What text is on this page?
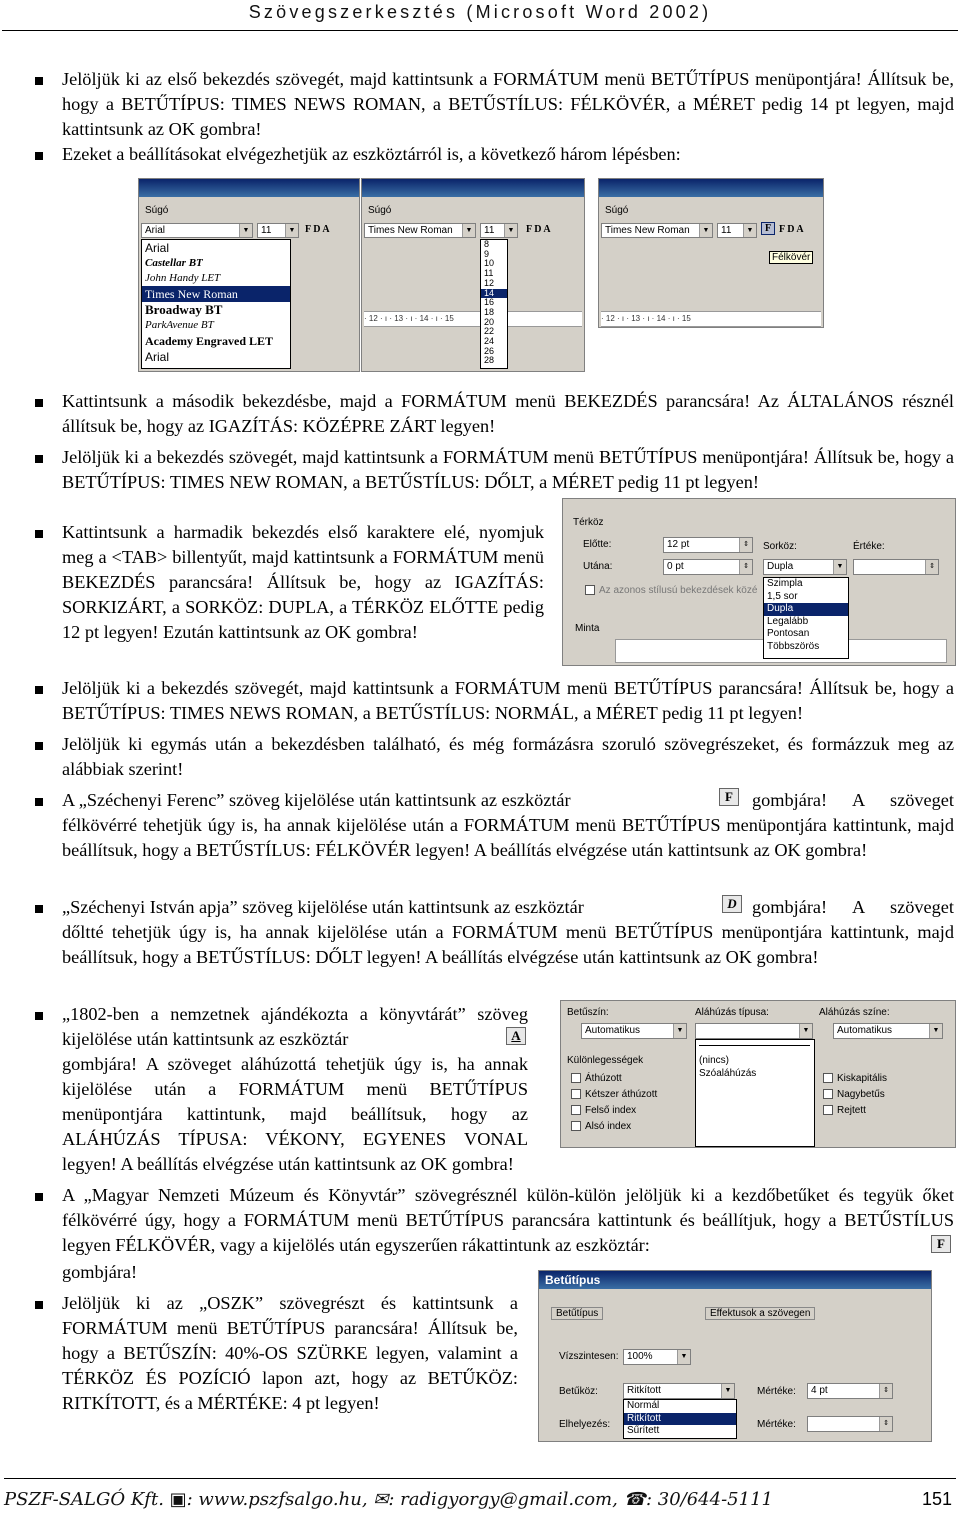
Szövegszerkesztés (Microsoft Word 2002)
Jelöljük ki az első bekezdés szövegét, majd kattintsunk a FORMÁTUM menü BETŰTÍPUS menüpontjára! Állítsuk be, hogy a BETŰTÍPUS: TIMES NEWS ROMAN, a BETŰSTÍLUS: FÉLKÖVÉR, a MÉRET pedig 14 pt legyen, majd kattintsunk az OK gombra!
Ezeket a beállításokat elvégezhetjük az eszköztárról is, a következő három lépésben:
Súgó
Arial	▼	11	▼ F D A
Arial
Castellar BT
John Handy LET
Times New Roman
Broadway BT
ParkAvenue BT
Academy Engraved LET
Arial
Súgó
Times New Roman	▼	11	▼ F D A
· 12 · ı · 13 · ı · 14 · ı · 15
8
9
10
11
12
14
16
18
20
22
24
26
28
Súgó
Times New Roman	▼	11	▼	F F D A
Félkövér
· 12 · ı · 13 · ı · 14 · ı · 15
Kattintsunk a második bekezdésbe, majd a FORMÁTUM menü BEKEZDÉS parancsára! Az ÁLTALÁNOS résznél állítsuk be, hogy az IGAZÍTÁS: KÖZÉPRE ZÁRT legyen!
Jelöljük ki a bekezdés szövegét, majd kattintsunk a FORMÁTUM menü BETŰTÍPUS menüpontjára! Állítsuk be, hogy a BETŰTÍPUS: TIMES NEW ROMAN, a BETŰSTÍLUS: DŐLT, a MÉRET pedig 11 pt legyen!
Térköz
Előtte:	12 pt	⇕
Utána:	0 pt	⇕
Sorköz:
Dupla	▼
Értéke:
⇕
Az azonos stílusú bekezdések közé
Minta
Szimpla
1,5 sor
Dupla
Legalább
Pontosan
Többszörös
Kattintsunk a harmadik bekezdés első karaktere elé, nyomjuk meg a <TAB> billentyűt, majd kattintsunk a FORMÁTUM menü BEKEZDÉS parancsára! Állítsuk be, hogy az IGAZÍTÁS: SORKIZÁRT, a SORKÖZ: DUPLA, a TÉRKÖZ ELŐTTE pedig 12 pt legyen! Ezután kattintsunk az OK gombra!
Jelöljük ki a bekezdés szövegét, majd kattintsunk a FORMÁTUM menü BETŰTÍPUS parancsára! Állítsuk be, hogy a BETŰTÍPUS: TIMES NEWS ROMAN, a BETŰSTÍLUS: NORMÁL, a MÉRET pedig 11 pt legyen!
Jelöljük ki egymás után a bekezdésben található, és még formázásra szoruló szövegrészeket, és formázzuk meg az alábbiak szerint!
A „Széchenyi Ferenc” szöveg kijelölése után kattintsunk az eszköztár	F	gombjára! A szöveget félkövérré tehetjük úgy is, ha annak kijelölése után a FORMÁTUM menü BETŰTÍPUS menüpontjára kattintunk, majd beállítsuk, hogy a BETŰSTÍLUS: FÉLKÖVÉR legyen! A beállítás elvégzése után kattintsunk az OK gombra!
„Széchenyi István apja” szöveg kijelölése után kattintsunk az eszköztár	D gombjára! A szöveget dőltté tehetjük úgy is, ha annak kijelölése után a FORMÁTUM menü BETŰTÍPUS menüpontjára kattintunk, majd beállítsuk, hogy a BETŰSTÍLUS: DŐLT legyen! A beállítás elvégzése után kattintsunk az OK gombra!
Betűszín:
Automatikus	▼
Aláhúzás típusa:
▼
Aláhúzás színe:
Automatikus	▼
Különlegességek
Áthúzott
Kétszer áthúzott
Felső index
Alsó index
Kiskapitális
Nagybetűs
Rejtett
(nincs)
Szóaláhúzás
„1802-ben a nemzetnek ajándékozta a könyvtárát” szöveg kijelölése után kattintsunk az eszköztár	A
gombjára! A szöveget aláhúzottá tehetjük úgy is, ha annak kijelölése után a FORMÁTUM menü BETŰTÍPUS menüpontjára kattintunk, majd beállítsuk, hogy az ALÁHÚZÁS TÍPUSA: VÉKONY, EGYENES VONAL legyen! A beállítás elvégzése után kattintsunk az OK gombra!
A „Magyar Nemzeti Múzeum és Könyvtár” szövegrésznél külön-külön jelöljük ki a kezdőbetűket és tegyük őket félkövérré úgy, hogy a FORMÁTUM menü BETŰTÍPUS parancsára kattintunk és beállítjuk, hogy a BETŰSTÍLUS legyen FÉLKÖVÉR, vagy a kijelölés után egyszerűen rákattintunk az eszköztár:	F
gombjára!	Betűtípus
Betűtípus	Effektusok a szövegen
Vízszintesen: 100%	▼
Betűköz:	Ritkított	▼	Mértéke:	4 pt	⇕
Elhelyezés:	Mértéke:	⇕
Normál
Ritkított
Sűrített
Jelöljük ki az „OSZK” szövegrészt és kattintsunk a FORMÁTUM menü BETŰTÍPUS parancsára! Állítsuk be, hogy a BETŰSZÍN: 40%-OS SZÜRKE legyen, valamint a TÉRKÖZ ÉS POZÍCIÓ lapon azt, hogy az BETŰKÖZ: RITKÍTOTT, és a MÉRTÉKE: 4 pt legyen!
PSZF-SALGÓ Kft. ▣: www.pszfsalgo.hu, ✉: radigyorgy@gmail.com, ☎: 30/644-5111	151
